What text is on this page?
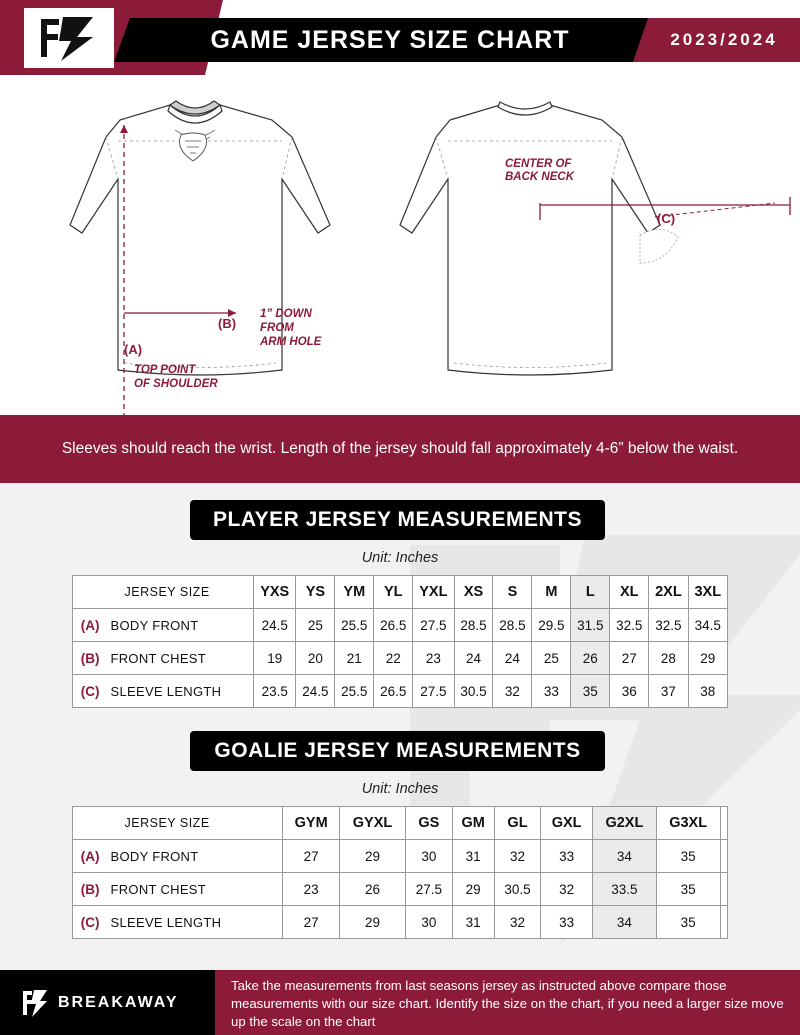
GAME JERSEY SIZE CHART	2023/2024
CENTER OF
BACK NECK
(C)
(B)
(A)
1” DOWN
FROM
ARM HOLE
TOP POINT
OF SHOULDER

Sleeves should reach the wrist. Length of the jersey should fall approximately 4-6” below the waist.

PLAYER JERSEY MEASUREMENTS
Unit: Inches
	JERSEY SIZE	YXS	YS	YM	YL	YXL	XS	S	M	L	XL	2XL	3XL
(A)	BODY FRONT	24.5	25	25.5	26.5	27.5	28.5	28.5	29.5	31.5	32.5	32.5	34.5
(B)	FRONT CHEST	19	20	21	22	23	24	24	25	26	27	28	29
(C)	SLEEVE LENGTH	23.5	24.5	25.5	26.5	27.5	30.5	32	33	35	36	37	38
GOALIE JERSEY MEASUREMENTS
Unit: Inches
	JERSEY SIZE	GYM	GYXL	GS	GM	GL	GXL	G2XL	G3XL	
(A)	BODY FRONT	27	29	30	31	32	33	34	35	
(B)	FRONT CHEST	23	26	27.5	29	30.5	32	33.5	35	
(C)	SLEEVE LENGTH	27	29	30	31	32	33	34	35	
BREAKAWAY
Take the measurements from last seasons jersey as instructed above compare those measurements with our size chart. Identify the size on the chart, if you need a larger size move up the scale on the chart
